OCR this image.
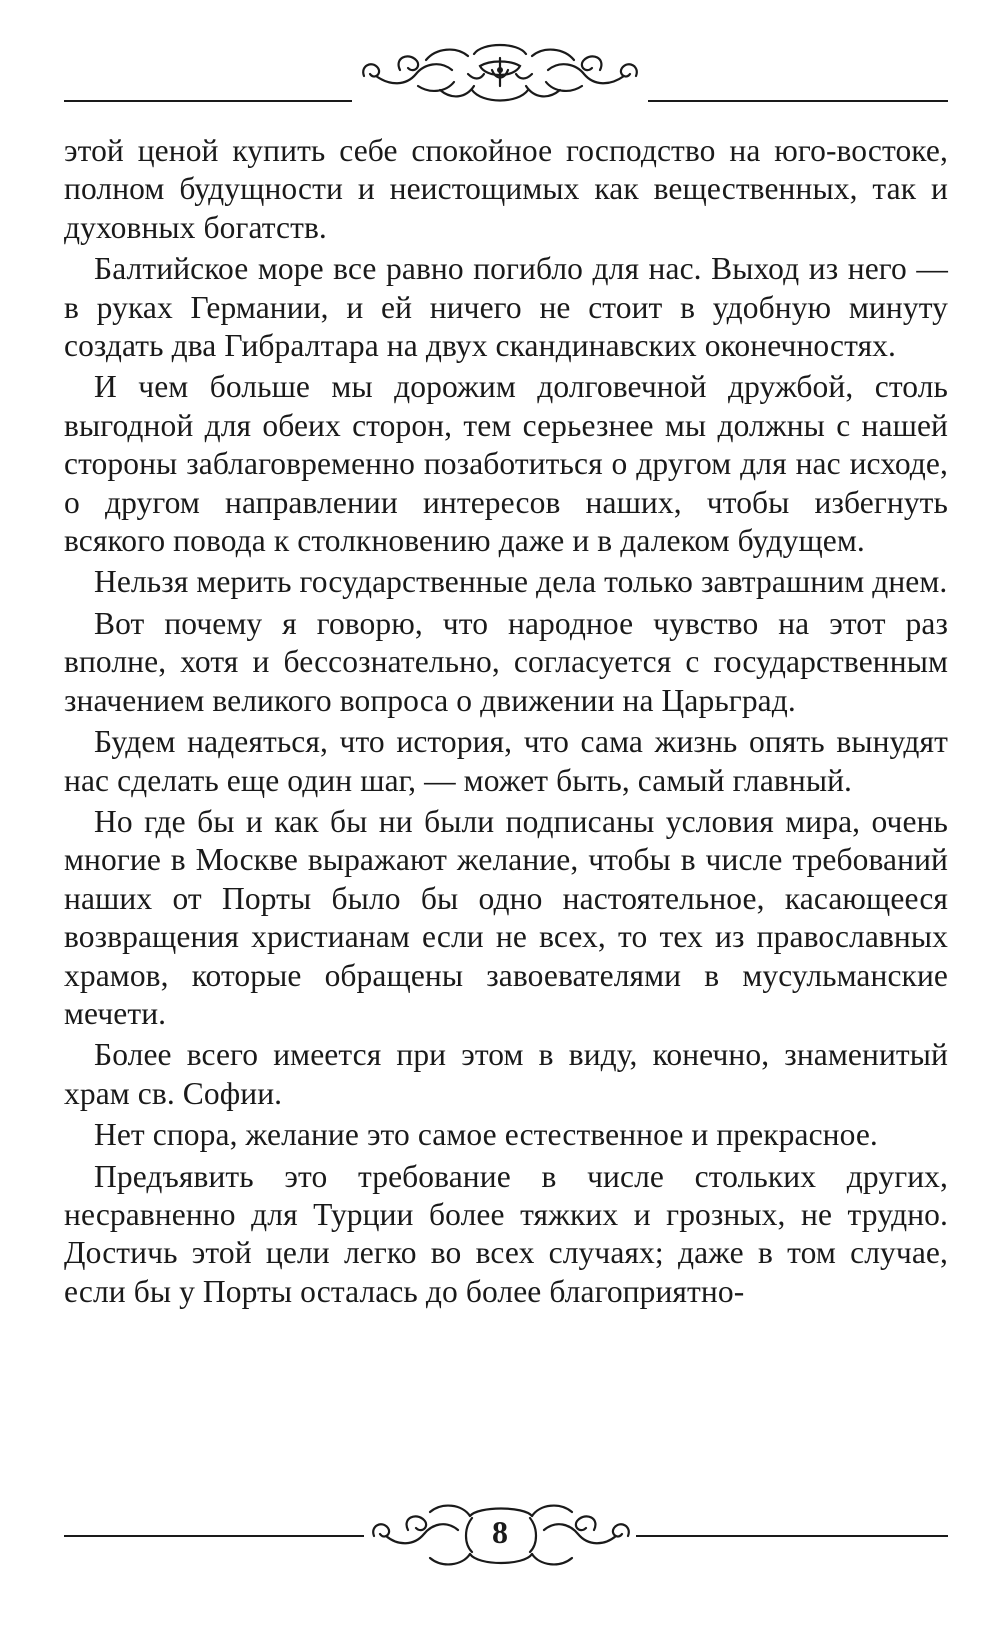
этой ценой купить себе спокойное господство на юго-востоке, полном будущности и неистощимых как вещественных, так и духовных богатств.

Балтийское море все равно погибло для нас. Выход из него — в руках Германии, и ей ничего не стоит в удобную минуту создать два Гибралтара на двух скандинавских оконечностях.

И чем больше мы дорожим долговечной дружбой, столь выгодной для обеих сторон, тем серьезнее мы должны с нашей стороны заблаговременно позаботиться о другом для нас исходе, о другом направлении интересов наших, чтобы избегнуть всякого повода к столкновению даже и в далеком будущем.

Нельзя мерить государственные дела только завтрашним днем.

Вот почему я говорю, что народное чувство на этот раз вполне, хотя и бессознательно, согласуется с государственным значением великого вопроса о движении на Царьград.

Будем надеяться, что история, что сама жизнь опять вынудят нас сделать еще один шаг, — может быть, самый главный.

Но где бы и как бы ни были подписаны условия мира, очень многие в Москве выражают желание, чтобы в числе требований наших от Порты было бы одно настоятельное, касающееся возвращения христианам если не всех, то тех из православных храмов, которые обращены завоевателями в мусульманские мечети.

Более всего имеется при этом в виду, конечно, знаменитый храм св. Софии.

Нет спора, желание это самое естественное и прекрасное.

Предъявить это требование в числе стольких других, несравненно для Турции более тяжких и грозных, не трудно. Достичь этой цели легко во всех случаях; даже в том случае, если бы у Порты осталась до более благоприятно-

8
